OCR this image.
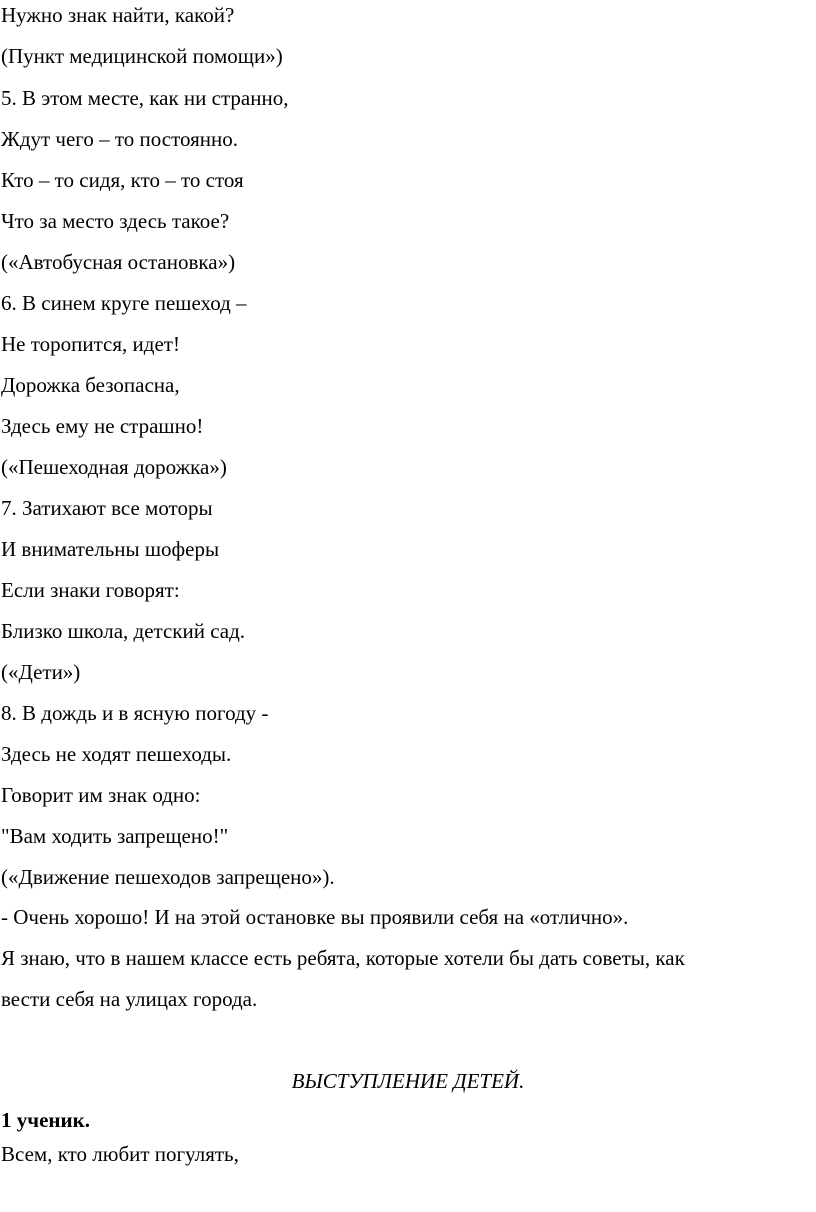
Нужно знак найти, какой?
(Пункт медицинской помощи»)
5. В этом месте, как ни странно,
Ждут чего – то постоянно.
Кто – то сидя, кто – то стоя
Что за место здесь такое?
(«Автобусная остановка»)
6. В синем круге пешеход –
Не торопится, идет!
Дорожка безопасна,
Здесь ему не страшно!
(«Пешеходная дорожка»)
7. Затихают все моторы
И внимательны шоферы
Если знаки говорят:
Близко школа, детский сад.
(«Дети»)
8. В дождь и в ясную погоду -
Здесь не ходят пешеходы.
Говорит им знак одно:
"Вам ходить запрещено!"
(«Движение пешеходов запрещено»).
- Очень хорошо! И на этой остановке вы проявили себя на «отлично».
Я знаю, что в нашем классе есть ребята, которые хотели бы дать советы, как
вести себя на улицах города.
ВЫСТУПЛЕНИЕ ДЕТЕЙ.
1 ученик.
Всем, кто любит погулять,
